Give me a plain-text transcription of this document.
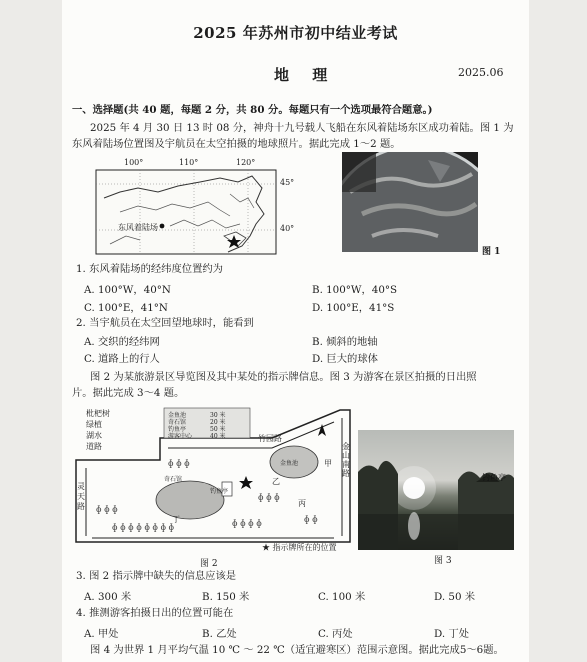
2025 年苏州市初中结业考试
地 理	2025.06
一、选择题(共 40 题，每题 2 分，共 80 分。每题只有一个选项最符合题意。)
2025 年 4 月 30 日 13 时 08 分，神舟十九号载人飞船在东风着陆场东区成功着陆。图 1 为
东风着陆场位置图及宇航员在太空拍摄的地球照片。据此完成 1～2 题。
100°	110°	120°
45°
40°
东风着陆场
图 1
1. 东风着陆场的经纬度位置约为
A. 100°W，40°N	B. 100°W，40°S
C. 100°E，41°N	D. 100°E，41°S
2. 当宇航员在太空回望地球时，能看到
A. 交织的经纬网	B. 倾斜的地轴
C. 道路上的行人	D. 巨大的球体
图 2 为某旅游景区导览图及其中某处的指示牌信息。图 3 为游客在景区拍摄的日出照
片。据此完成 3～4 题。
ɸ ɸ ɸ
ɸ ɸ ɸ ɸ ɸ ɸ ɸ ɸ	ɸ ɸ ɸ ɸ
ɸ ɸ ɸ
ɸ ɸ ɸ
ɸ ɸ
枇杷树
绿植
湖水
道路
金鱼池	30 米
奇石馆	20 米
钓鱼亭	50 米
游客中心	40 米	竹园路
金山南路
灵天路
甲
乙
丙
丁
奇石馆
钓鱼亭
金鱼池
★ 指示牌所在的位置
图 2
钓鱼亭
图 3
3. 图 2 指示牌中缺失的信息应该是
A. 300 米	B. 150 米	C. 100 米	D. 50 米
4. 推测游客拍摄日出的位置可能在
A. 甲处	B. 乙处	C. 丙处	D. 丁处
图 4 为世界 1 月平均气温 10 ℃ ～ 22 ℃（适宜避寒区）范围示意图。据此完成5～6题。
